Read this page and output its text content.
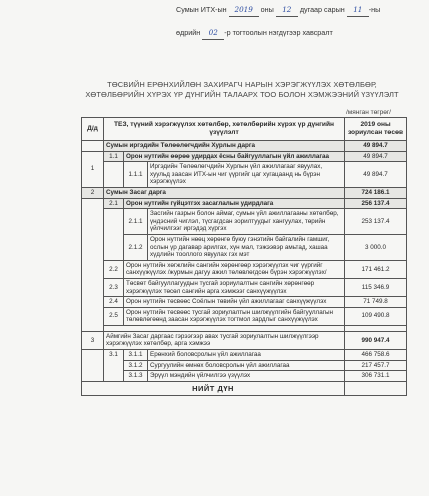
Сумын ИТХ-ын 2019 оны 12 дугаар сарын 11 -ны
өдрийн 02 -р тогтоолын нэгдүгээр хавсралт
ТӨСВИЙН ЕРӨНХИЙЛӨН ЗАХИРАГЧ НАРЫН ХЭРЭГЖҮҮЛЭХ ХӨТӨЛБӨР, ХӨТӨЛБӨРИЙН ХҮРЭХ ҮР ДҮНГИЙН ТАЛААРХ ТОО БОЛОН ХЭМЖЭЭНИЙ ҮЗҮҮЛЭЛТ
/мянган төгрөг/
Д/д	ТЕЗ, түүний хэрэгжүүлэх хөтөлбөр, хөтөлбөрийн хүрэх үр дүнгийн үзүүлэлт			2019 оны зориулсан төсөв
	Сумын иргэдийн Төлөөлөгчдийн Хурлын дарга			49 894.7
1	1.1	Орон нутгийн өөрөө удирдах ёсны байгууллагын үйл ажиллагаа		49 894.7
		1.1.1	Иргэдийн Төлөөлөгчдийн Хурлын үйл ажиллагааг явуулах, хуульд заасан ИТХ-ын чиг үүргийг цаг хугацаанд нь бүрэн хэрэгжүүлэх	49 894.7
2	Сумын Засаг дарга			724 186.1
	2.1	Орон нутгийн гүйцэтгэх засаглалын удирдлага		256 137.4
		2.1.1	Засгийн газрын болон аймаг, сумын үйл ажиллагааны хөтөлбөр, үндэсний чиглэл, түсгагдсан зорилтуудыг хангуулах, төрийн үйлчилгээг иргэдэд хүргэх	253 137.4
		2.1.2	Орон нутгийн нөөц хөрөнгө буюу гэнэтийн байгалийн гамшиг, ослын үр дагавар арилгах, хүн мал, тэжээвэр амьтад, хашаа хүдлийн тооллого явуулах гэх мэт	3 000.0
	2.2	Орон нутгийн хөгжлийн сангийн хөрөнгөөр хэрэгжүүлэх чиг үүргийг санхүүжүүлэх /журмын дагуу ажил төлөвлөгдсөн бүрэн хэрэгжүүлэх/		171 461.2
	2.3	Төсвөт байгууллагуудын тусгай зориулалтын сангийн хөрөнгөөр хэрэгжүүлэх төсөл сангийн арга хэмжээг санхүүжүүлэх		115 346.9
	2.4	Орон нутгийн төсвөөс Соёлын төвийн үйл ажиллагааг санхүүжүүлэх		71 749.8
	2.5	Орон нутгийн төсвөөс тусгай зориулалтын шилжүүлгийн байгууллагын төлөвлөгөөнд заасан хэрэгжүүлэх тогтмол зардлыг санхүүжүүлэх		109 490.8

3	Аймгийн Засаг даргаас гэрээгээр авах тусгай зориулалтын шилжүүлгээр хэрэгжүүлэх хөтөлбөр, арга хэмжээ			990 947.4
	3.1	3.1.1	Ерөнхий боловсролын үйл ажиллагаа	466 758.6
		3.1.2	Сургуулийн өмнөх боловсролын үйл ажиллагаа	217 457.7
		3.1.3	Эрүүл мэндийн үйлчилгээ үзүүлэх	306 731.1
НИЙТ ДҮН				
